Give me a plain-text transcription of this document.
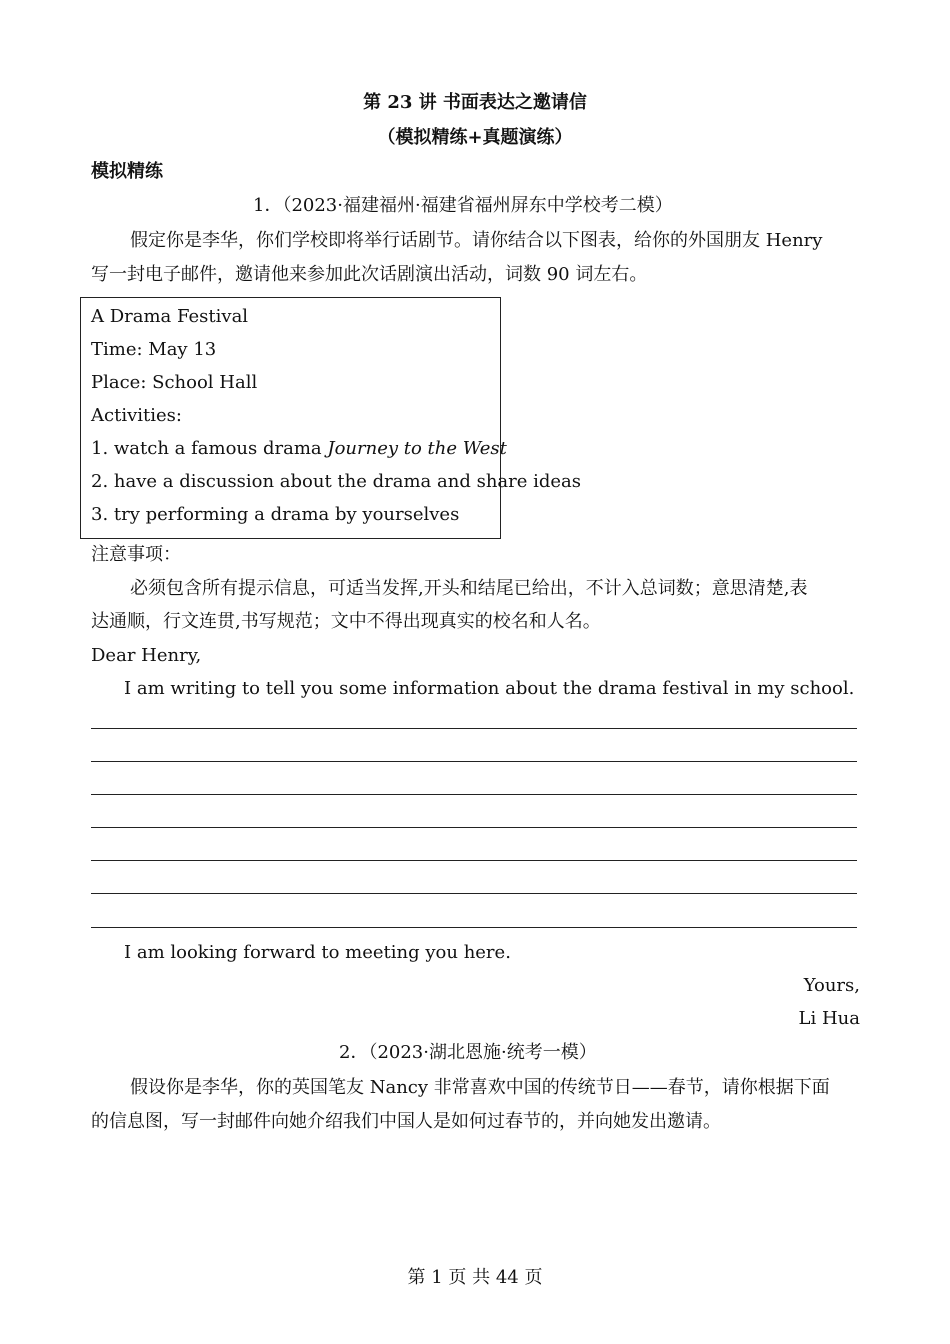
第 23 讲 书面表达之邀请信
（模拟精练+真题演练）
模拟精练
1．（2023·福建福州·福建省福州屏东中学校考二模）
假定你是李华，你们学校即将举行话剧节。请你结合以下图表，给你的外国朋友 Henry
写一封电子邮件，邀请他来参加此次话剧演出活动，词数 90 词左右。
A Drama Festival
Time: May 13
Place: School Hall
Activities:
1. watch a famous drama Journey to the West
2. have a discussion about the drama and share ideas
3. try performing a drama by yourselves
注意事项：
必须包含所有提示信息，可适当发挥,开头和结尾已给出，不计入总词数；意思清楚,表
达通顺，行文连贯,书写规范；文中不得出现真实的校名和人名。
Dear Henry,
I am writing to tell you some information about the drama festival in my school.
I am looking forward to meeting you here.
Yours,
Li Hua
2．（2023·湖北恩施·统考一模）
假设你是李华，你的英国笔友 Nancy 非常喜欢中国的传统节日——春节，请你根据下面
的信息图，写一封邮件向她介绍我们中国人是如何过春节的，并向她发出邀请。
第 1 页 共 44 页
